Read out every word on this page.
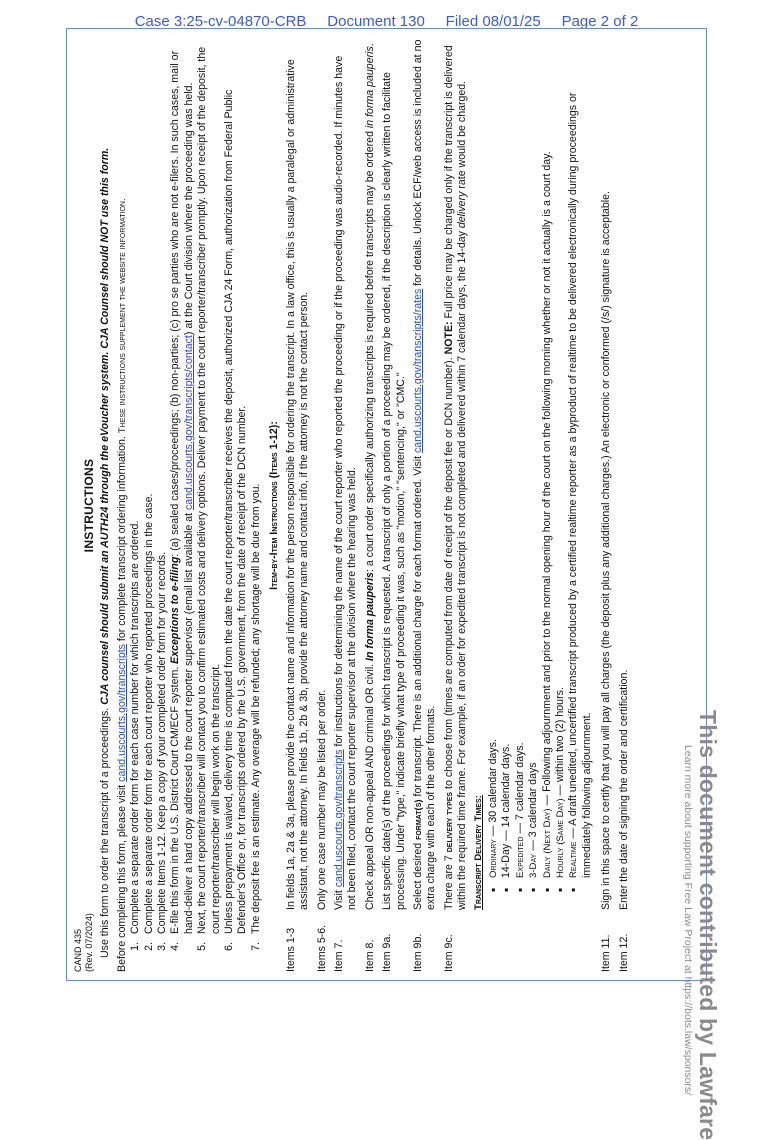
Case 3:25-cv-04870-CRB     Document 130     Filed 08/01/25     Page 2 of 2
CAND 435 (Rev. 07/2024)
INSTRUCTIONS
Use this form to order the transcript of a proceedings. CJA counsel should submit an AUTH24 through the eVoucher system. CJA Counsel should NOT use this form.
Before completing this form, please visit cand.uscourts.gov/transcripts for complete transcript ordering information. These instructions supplement the website information.
1.
Complete a separate order form for each case number for which transcripts are ordered.
2.
Complete a separate order form for each court reporter who reported proceedings in the case.
3.
Complete Items 1-12. Keep a copy of your completed order form for your records.
4.
E-file this form in the U.S. District Court CM/ECF system. Exceptions to e-filing: (a) sealed cases/proceedings; (b) non-parties; (c) pro se parties who are not e-filers. In such cases, mail or hand-deliver a hard copy addressed to the court reporter supervisor (email list available at cand.uscourts.gov/transcripts/contact) at the Court division where the proceeding was held.
5.
Next, the court reporter/transcriber will contact you to confirm estimated costs and delivery options. Deliver payment to the court reporter/transcriber promptly. Upon receipt of the deposit, the court reporter/transcriber will begin work on the transcript.
6.
Unless prepayment is waived, delivery time is computed from the date the court reporter/transcriber receives the deposit, authorized CJA 24 Form, authorization from Federal Public Defender's Office or, for transcripts ordered by the U.S. government, from the date of receipt of the DCN number.
7.
The deposit fee is an estimate. Any overage will be refunded; any shortage will be due from you. Item-by-Item Instructions (Items 1-12):
Items 1-3
In fields 1a, 2a & 3a, please provide the contact name and information for the person responsible for ordering the transcript. In a law office, this is usually a paralegal or administrative assistant, not the attorney. In fields 1b, 2b & 3b, provide the attorney name and contact info, if the attorney is not the contact person.
Items 5-6.
Only one case number may be listed per order.
Item 7.
Visit cand.uscourts.gov/transcripts for instructions for determining the name of the court reporter who reported the proceeding or if the proceeding was audio-recorded. If minutes have not been filed, contact the court reporter supervisor at the division where the hearing was held.
Item 8.
Check appeal OR non-appeal AND criminal OR civil. In forma pauperis: a court order specifically authorizing transcripts is required before transcripts may be ordered in forma pauperis.
Item 9a.
List specific date(s) of the proceedings for which transcript is requested. A transcript of only a portion of a proceeding may be ordered, if the description is clearly written to facilitate processing. Under "type," indicate briefly what type of proceeding it was, such as "motion," "sentencing," or "CMC."
Item 9b.
Select desired format(s) for transcript. There is an additional charge for each format ordered. Visit cand.uscourts.gov/transcripts/rates for details. Unlock ECF/web access is included at no extra charge with each of the other formats.
Item 9c.
There are 7 delivery types to choose from (times are computed from date of receipt of the deposit fee or DCN number). NOTE: Full price may be charged only if the transcript is delivered within the required time frame. For example, if an order for expedited transcript is not completed and delivered within 7 calendar days, the 14-day delivery rate would be charged.
Transcript Delivery Times: ▪ Ordinary — 30 calendar days.
▪ 14-Day — 14 calendar days.
▪ Expedited — 7 calendar days.
▪ 3-Day — 3 calendar days ▪ Daily (Next Day) — Following adjournment and prior to the normal opening hour of the court on the following morning whether or not it actually is a court day.
▪ Hourly (Same Day) — within two (2) hours.
▪ Realtime — A draft unedited, uncertified transcript produced by a certified realtime reporter as a byproduct of realtime to be delivered electronically during proceedings or immediately following adjournment.
Item 11.
Sign in this space to certify that you will pay all charges (the deposit plus any additional charges.) An electronic or conformed (/s/) signature is acceptable.
Item 12.
Enter the date of signing the order and certification.	This document contributed by Lawfare
Learn more about supporting Free Law Project at https://bots.law/sponsors/
